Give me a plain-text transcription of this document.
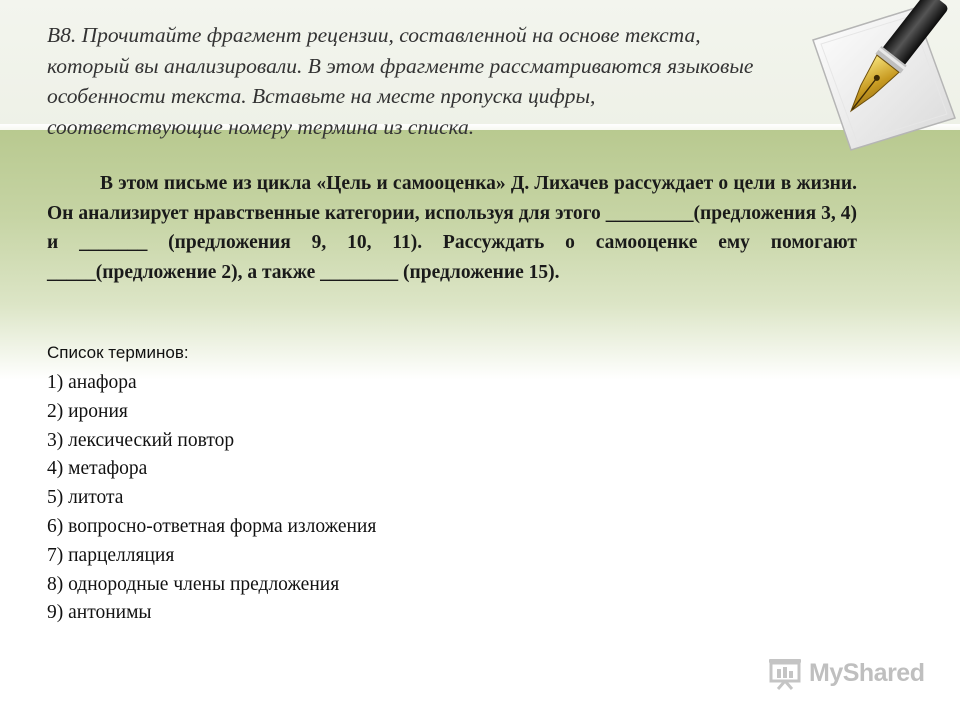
В8. Прочитайте фрагмент рецензии, составленной на основе текста,
который вы анализировали. В этом фрагменте рассматриваются языковые
особенности текста. Вставьте на месте пропуска цифры,
соответствующие номеру термина из списка.

В этом письме из цикла «Цель и самооценка» Д. Лихачев рассуждает о цели в жизни. Он анализирует нравственные категории, используя для этого _________(предложения 3, 4) и _______ (предложения 9, 10, 11). Рассуждать о самооценке ему помогают _____(предложение 2), а также ________ (предложение 15).

Список терминов:
1) анафора
2) ирония
3) лексический повтор
4) метафора
5) литота
6) вопросно-ответная форма изложения
7) парцелляция
8) однородные члены предложения
9) антонимы
MyShared
